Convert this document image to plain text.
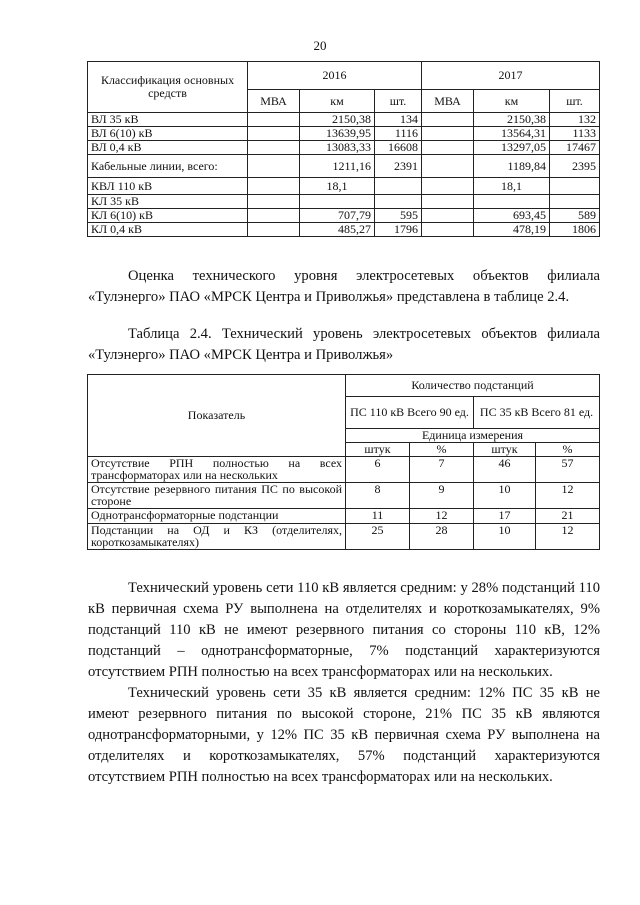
20
Классификация основных средств	2016			2017		
	МВА	км	шт.	МВА	км	шт.
ВЛ 35 кВ		2150,38	134		2150,38	132
ВЛ 6(10) кВ		13639,95	1116		13564,31	1133
ВЛ 0,4 кВ		13083,33	16608		13297,05	17467
Кабельные линии, всего:		1211,16	2391		1189,84	2395
КВЛ 110 кВ		18,1			18,1	
КЛ 35 кВ						
КЛ 6(10) кВ		707,79	595		693,45	589
КЛ 0,4 кВ		485,27	1796		478,19	1806
Оценка технического уровня электросетевых объектов филиала «Тулэнерго» ПАО «МРСК Центра и Приволжья» представлена в таблице 2.4.
Таблица 2.4. Технический уровень электросетевых объектов филиала «Тулэнерго» ПАО «МРСК Центра и Приволжья»
Показатель	Количество подстанций			
	ПС 110 кВ Всего 90 ед.		ПС 35 кВ Всего 81 ед.	
	Единица измерения			
	штук	%	штук	%
Отсутствие РПН полностью на всех трансформаторах или на нескольких	6	7	46	57
Отсутствие резервного питания ПС по высокой стороне	8	9	10	12
Однотрансформаторные подстанции	11	12	17	21
Подстанции на ОД и КЗ (отделителях, короткозамыкателях)	25	28	10	12
Технический уровень сети 110 кВ является средним: у 28% подстанций 110 кВ первичная схема РУ выполнена на отделителях и короткозамыкателях, 9% подстанций 110 кВ не имеют резервного питания со стороны 110 кВ, 12% подстанций – однотрансформаторные, 7% подстанций характеризуются отсутствием РПН полностью на всех трансформаторах или на нескольких.
Технический уровень сети 35 кВ является средним: 12% ПС 35 кВ не имеют резервного питания по высокой стороне, 21% ПС 35 кВ являются однотрансформаторными, у 12% ПС 35 кВ первичная схема РУ выполнена на отделителях и короткозамыкателях, 57% подстанций характеризуются отсутствием РПН полностью на всех трансформаторах или на нескольких.
